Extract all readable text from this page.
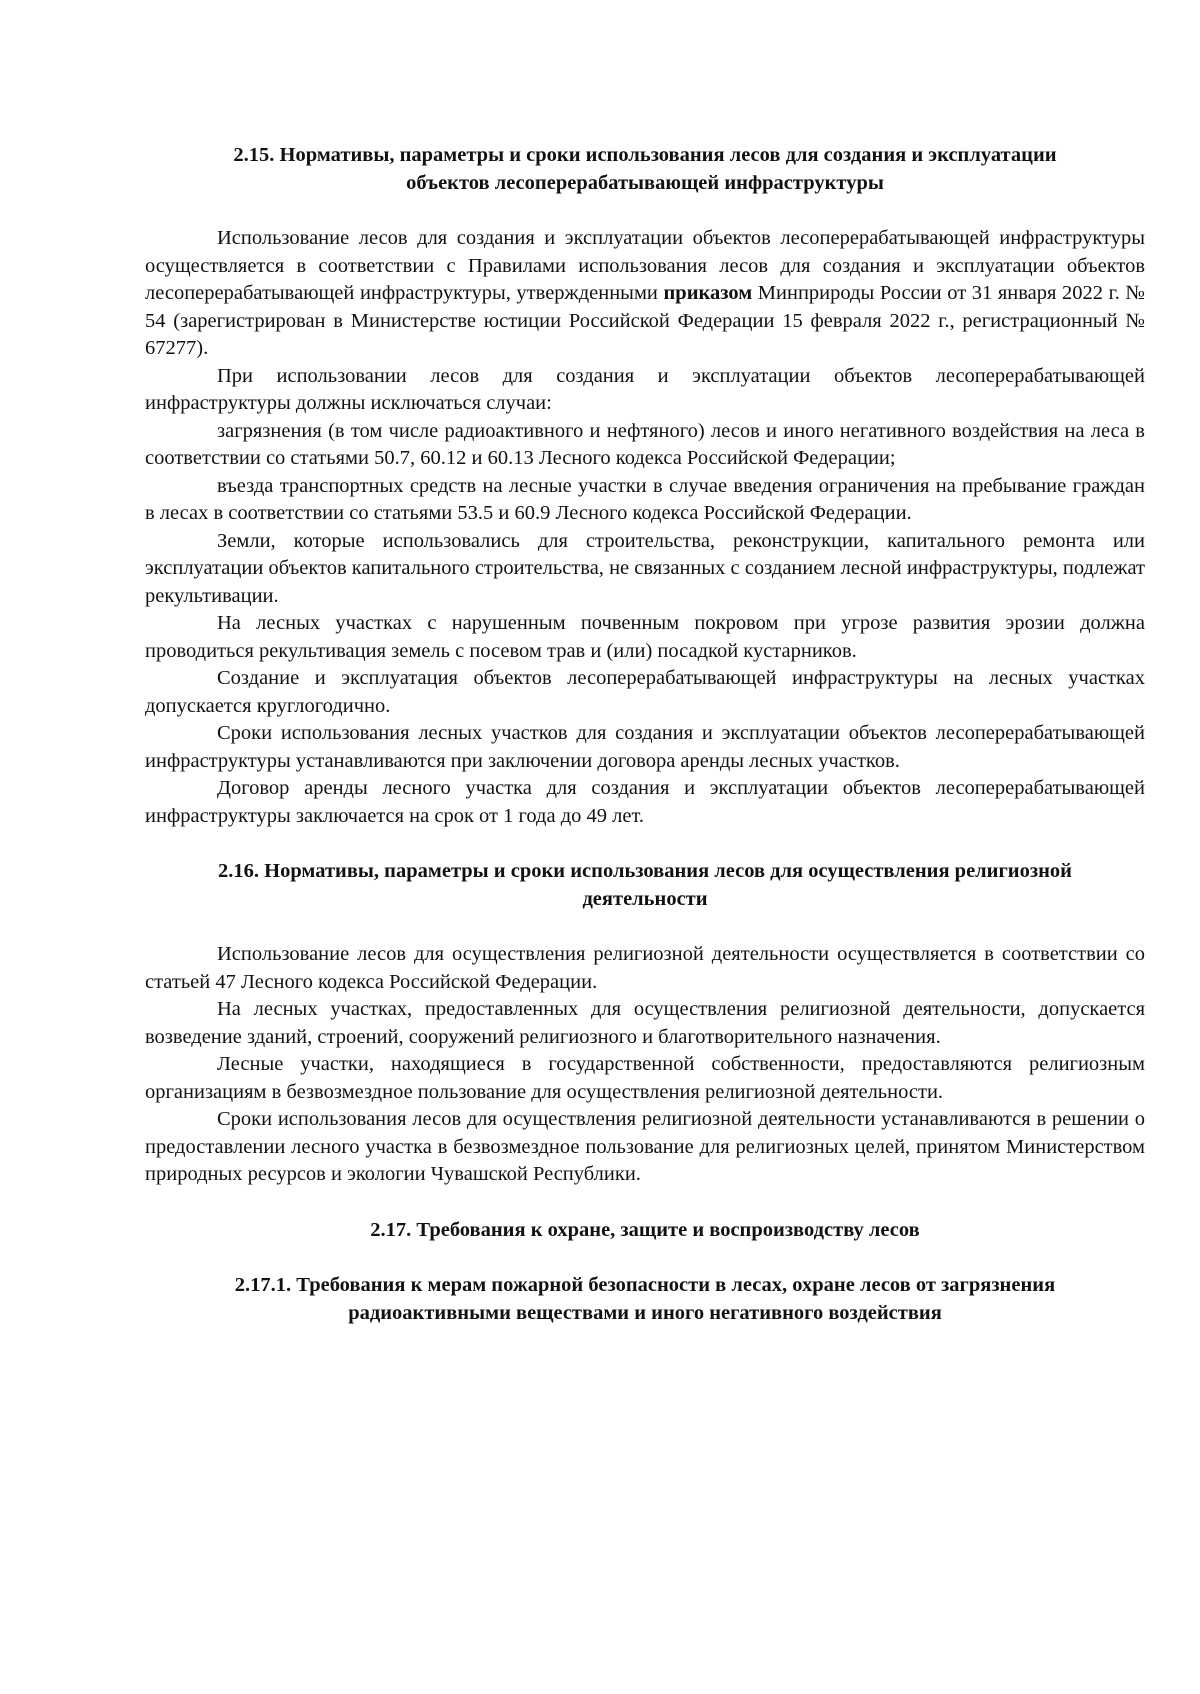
2.15. Нормативы, параметры и сроки использования лесов для создания и эксплуатации объектов лесоперерабатывающей инфраструктуры

Использование лесов для создания и эксплуатации объектов лесоперерабатывающей инфраструктуры осуществляется в соответствии с Правилами использования лесов для создания и эксплуатации объектов лесоперерабатывающей инфраструктуры, утвержденными приказом Минприроды России от 31 января 2022 г. № 54 (зарегистрирован в Министерстве юстиции Российской Федерации 15 февраля 2022 г., регистрационный № 67277).

При использовании лесов для создания и эксплуатации объектов лесоперерабатывающей инфраструктуры должны исключаться случаи:

загрязнения (в том числе радиоактивного и нефтяного) лесов и иного негативного воздействия на леса в соответствии со статьями 50.7, 60.12 и 60.13 Лесного кодекса Российской Федерации;

въезда транспортных средств на лесные участки в случае введения ограничения на пребывание граждан в лесах в соответствии со статьями 53.5 и 60.9 Лесного кодекса Российской Федерации.

Земли, которые использовались для строительства, реконструкции, капитального ремонта или эксплуатации объектов капитального строительства, не связанных с созданием лесной инфраструктуры, подлежат рекультивации.

На лесных участках с нарушенным почвенным покровом при угрозе развития эрозии должна проводиться рекультивация земель с посевом трав и (или) посадкой кустарников.

Создание и эксплуатация объектов лесоперерабатывающей инфраструктуры на лесных участках допускается круглогодично.

Сроки использования лесных участков для создания и эксплуатации объектов лесоперерабатывающей инфраструктуры устанавливаются при заключении договора аренды лесных участков.

Договор аренды лесного участка для создания и эксплуатации объектов лесоперерабатывающей инфраструктуры заключается на срок от 1 года до 49 лет.

2.16. Нормативы, параметры и сроки использования лесов для осуществления религиозной деятельности

Использование лесов для осуществления религиозной деятельности осуществляется в соответствии со статьей 47 Лесного кодекса Российской Федерации.

На лесных участках, предоставленных для осуществления религиозной деятельности, допускается возведение зданий, строений, сооружений религиозного и благотворительного назначения.

Лесные участки, находящиеся в государственной собственности, предоставляются религиозным организациям в безвозмездное пользование для осуществления религиозной деятельности.

Сроки использования лесов для осуществления религиозной деятельности устанавливаются в решении о предоставлении лесного участка в безвозмездное пользование для религиозных целей, принятом Министерством природных ресурсов и экологии Чувашской Республики.

2.17. Требования к охране, защите и воспроизводству лесов
2.17.1. Требования к мерам пожарной безопасности в лесах, охране лесов от загрязнения радиоактивными веществами и иного негативного воздействия
